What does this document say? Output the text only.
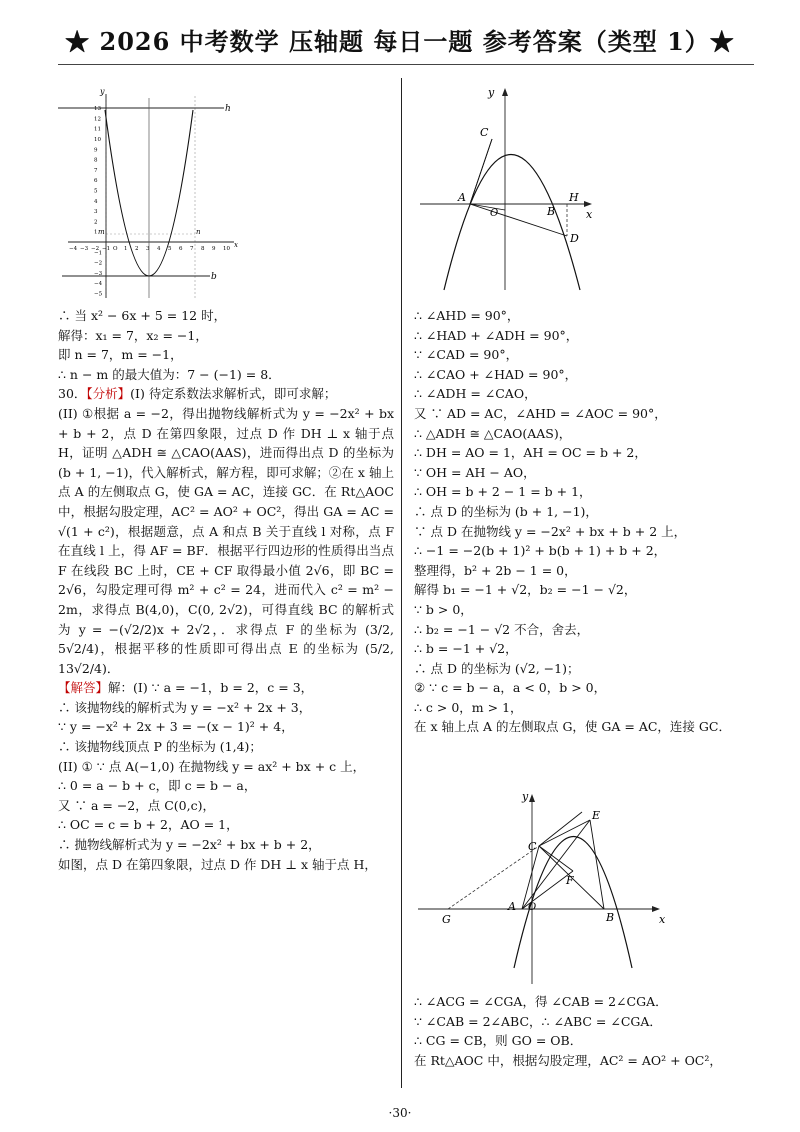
★ 2026 中考数学 压轴题 每日一题 参考答案（类型 1）★
h
b
m	n
y
x
−4 −3 −2 −1 O 1 2 3 4 5 6 7 8 9 10
13
12
11
10
9
8
7
6
5
4
3
2
1
−1
−2
−3
−4
−5
y
x
C
A
O	B
H
D
y
x
C
E
F
G
A O
B

∴ 当 x² − 6x + 5 = 12 时，

解得：x₁ = 7，x₂ = −1，

即 n = 7，m = −1，

∴ n − m 的最大值为：7 − (−1) = 8．

30．【分析】(I) 待定系数法求解析式，即可求解；

(II) ①根据 a = −2，得出抛物线解析式为 y = −2x² + bx + b + 2，点 D 在第四象限，过点 D 作 DH ⊥ x 轴于点 H，证明 △ADH ≅ △CAO(AAS)，进而得出点 D 的坐标为 (b + 1, −1)，代入解析式，解方程，即可求解；②在 x 轴上点 A 的左侧取点 G，使 GA = AC，连接 GC．在 Rt△AOC 中，根据勾股定理，AC² = AO² + OC²，得出 GA = AC = √(1 + c²)，根据题意，点 A 和点 B 关于直线 l 对称，点 F 在直线 l 上，得 AF = BF．根据平行四边形的性质得出当点 F 在线段 BC 上时，CE + CF 取得最小值 2√6，即 BC = 2√6，勾股定理可得 m² + c² = 24，进而代入 c² = m² − 2m，求得点 B(4,0)，C(0, 2√2)，可得直线 BC 的解析式为 y = −(√2/2)x + 2√2，．求得点 F 的坐标为 (3/2, 5√2/4)，根据平移的性质即可得出点 E 的坐标为 (5/2, 13√2/4)．

【解答】解：(I) ∵ a = −1，b = 2，c = 3，

∴ 该抛物线的解析式为 y = −x² + 2x + 3，

∵ y = −x² + 2x + 3 = −(x − 1)² + 4，

∴ 该抛物线顶点 P 的坐标为 (1,4)；

(II) ① ∵ 点 A(−1,0) 在抛物线 y = ax² + bx + c 上，

∴ 0 = a − b + c，即 c = b − a，

又 ∵ a = −2，点 C(0,c)，

∴ OC = c = b + 2，AO = 1，

∴ 抛物线解析式为 y = −2x² + bx + b + 2，

如图，点 D 在第四象限，过点 D 作 DH ⊥ x 轴于点 H，

∴ ∠AHD = 90°，

∴ ∠HAD + ∠ADH = 90°，

∵ ∠CAD = 90°，

∴ ∠CAO + ∠HAD = 90°，

∴ ∠ADH = ∠CAO，

又 ∵ AD = AC，∠AHD = ∠AOC = 90°，

∴ △ADH ≅ △CAO(AAS)，

∴ DH = AO = 1，AH = OC = b + 2，

∵ OH = AH − AO，

∴ OH = b + 2 − 1 = b + 1，

∴ 点 D 的坐标为 (b + 1, −1)，

∵ 点 D 在抛物线 y = −2x² + bx + b + 2 上，

∴ −1 = −2(b + 1)² + b(b + 1) + b + 2，

整理得，b² + 2b − 1 = 0，

解得 b₁ = −1 + √2，b₂ = −1 − √2，

∵ b > 0，

∴ b₂ = −1 − √2 不合，舍去，

∴ b = −1 + √2，

∴ 点 D 的坐标为 (√2, −1)；

② ∵ c = b − a，a < 0，b > 0，

∴ c > 0，m > 1，

在 x 轴上点 A 的左侧取点 G，使 GA = AC，连接 GC．

∴ ∠ACG = ∠CGA，得 ∠CAB = 2∠CGA．

∵ ∠CAB = 2∠ABC，∴ ∠ABC = ∠CGA．

∴ CG = CB，则 GO = OB．

在 Rt△AOC 中，根据勾股定理，AC² = AO² + OC²，

·30·
